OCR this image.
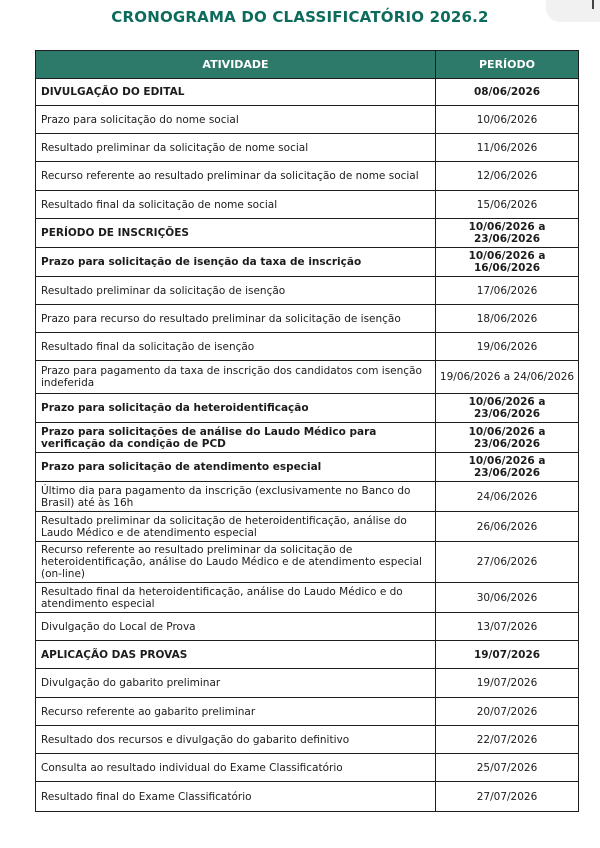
CRONOGRAMA DO CLASSIFICATÓRIO 2026.2
ATIVIDADE	PERÍODO
DIVULGAÇÃO DO EDITAL	08/06/2026
Prazo para solicitação do nome social	10/06/2026
Resultado preliminar da solicitação de nome social	11/06/2026
Recurso referente ao resultado preliminar da solicitação de nome social	12/06/2026
Resultado final da solicitação de nome social	15/06/2026
PERÍODO DE INSCRIÇÕES	10/06/2026 a 23/06/2026
Prazo para solicitação de isenção da taxa de inscrição	10/06/2026 a 16/06/2026
Resultado preliminar da solicitação de isenção	17/06/2026
Prazo para recurso do resultado preliminar da solicitação de isenção	18/06/2026
Resultado final da solicitação de isenção	19/06/2026
Prazo para pagamento da taxa de inscrição dos candidatos com isenção indeferida	19/06/2026 a 24/06/2026
Prazo para solicitação da heteroidentificação	10/06/2026 a 23/06/2026
Prazo para solicitações de análise do Laudo Médico para verificação da condição de PCD	10/06/2026 a 23/06/2026
Prazo para solicitação de atendimento especial	10/06/2026 a 23/06/2026
Último dia para pagamento da inscrição (exclusivamente no Banco do Brasil) até às 16h	24/06/2026
Resultado preliminar da solicitação de heteroidentificação, análise do Laudo Médico e de atendimento especial	26/06/2026
Recurso referente ao resultado preliminar da solicitação de heteroidentificação, análise do Laudo Médico e de atendimento especial (on-line)	27/06/2026
Resultado final da heteroidentificação, análise do Laudo Médico e do atendimento especial	30/06/2026
Divulgação do Local de Prova	13/07/2026
APLICAÇÃO DAS PROVAS	19/07/2026
Divulgação do gabarito preliminar	19/07/2026
Recurso referente ao gabarito preliminar	20/07/2026
Resultado dos recursos e divulgação do gabarito definitivo	22/07/2026
Consulta ao resultado individual do Exame Classificatório	25/07/2026
Resultado final do Exame Classificatório	27/07/2026
